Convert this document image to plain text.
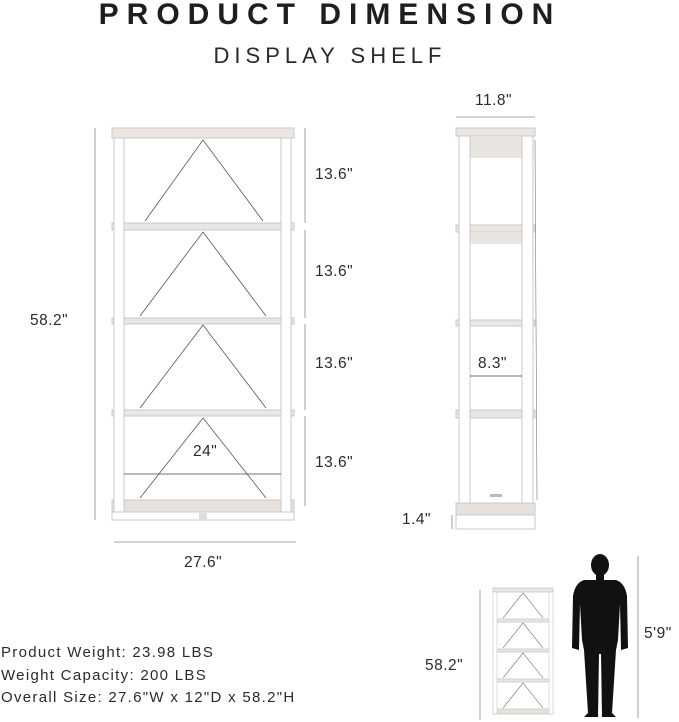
PRODUCT DIMENSION
DISPLAY SHELF
58.2"
13.6"
13.6"
13.6"
13.6"
24"
27.6"
11.8"
8.3"
1.4"
58.2"
5'9"
Product Weight: 23.98 LBS
Weight Capacity: 200 LBS
Overall Size: 27.6"W x 12"D x 58.2"H
